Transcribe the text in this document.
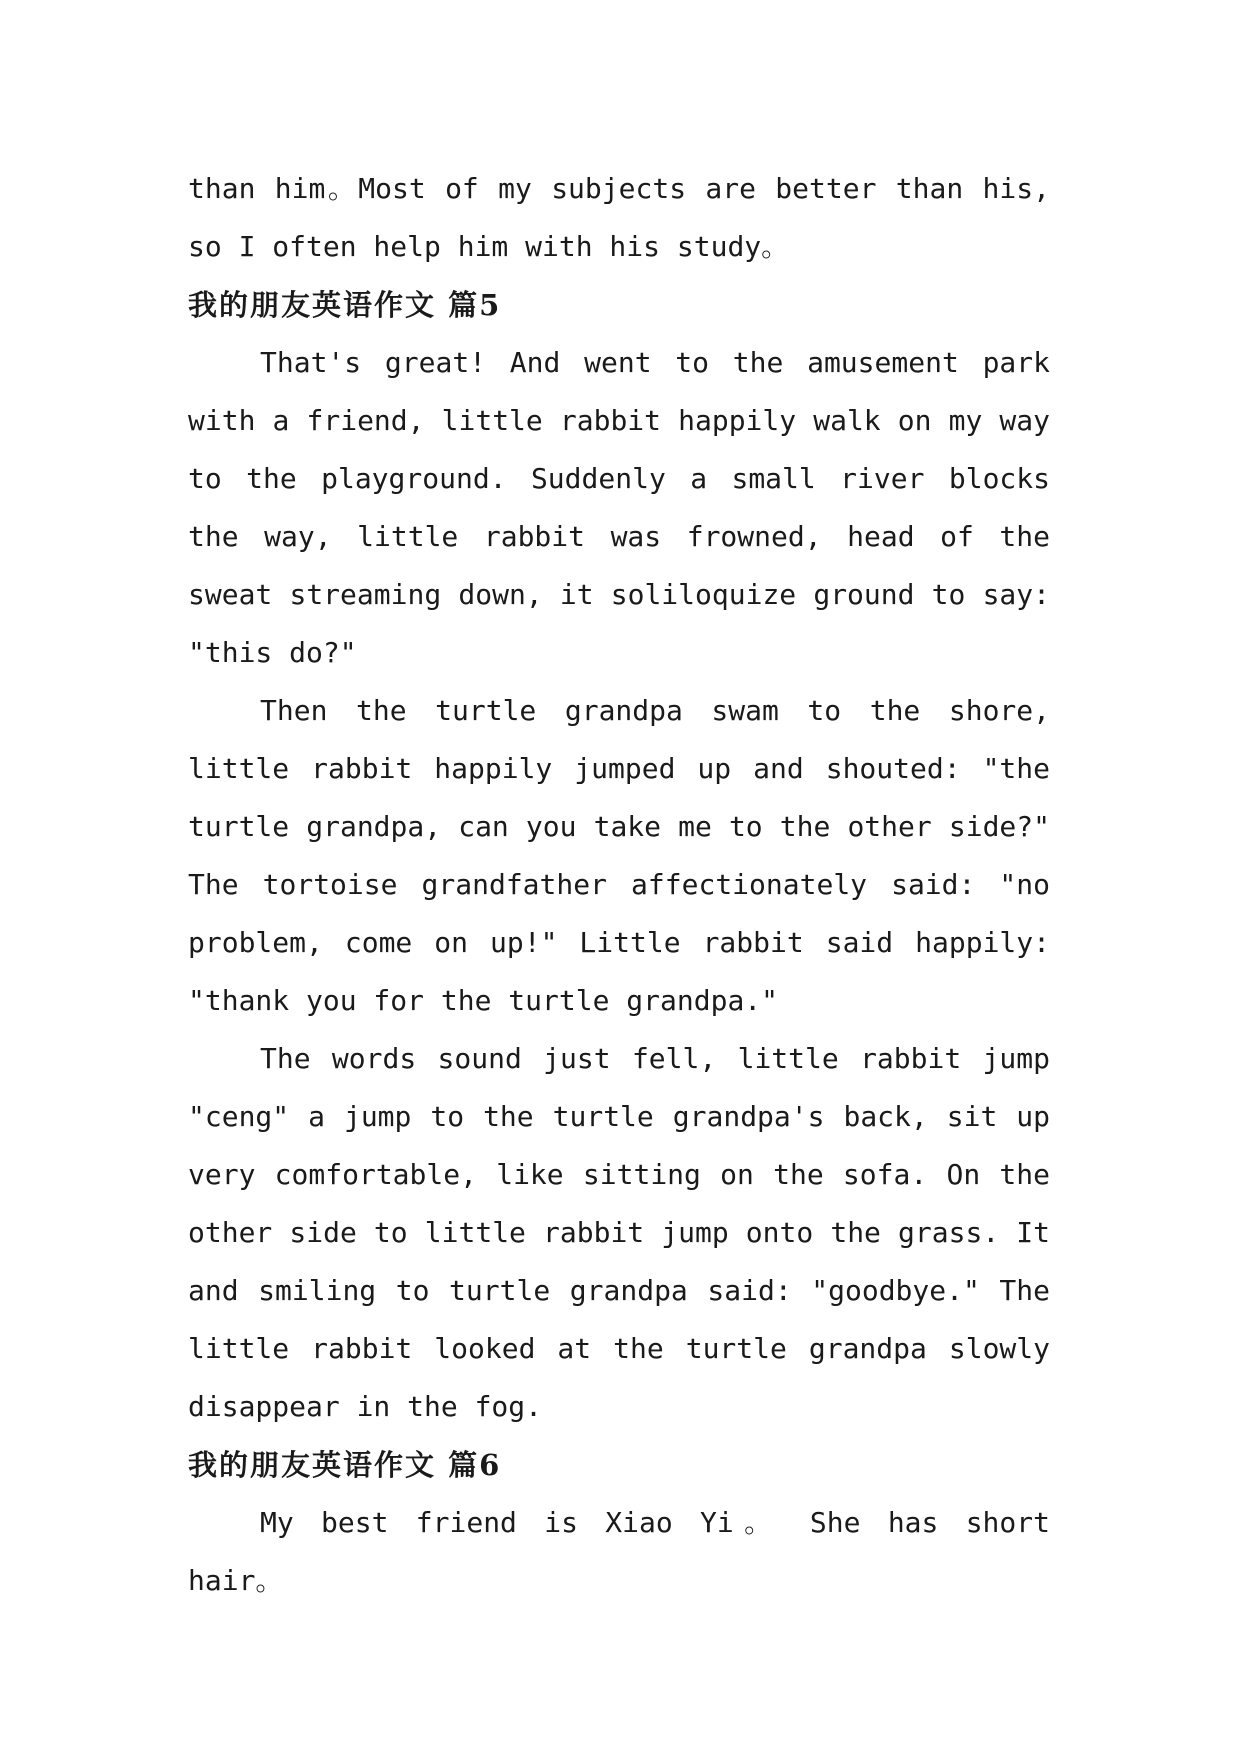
than him。Most of my subjects are better than his, so I often help him with his study。

我的朋友英语作文 篇5

That's great! And went to the amusement park with a friend, little rabbit happily walk on my way to the playground. Suddenly a small river blocks the way, little rabbit was frowned, head of the sweat streaming down, it soliloquize ground to say: "this do?"

Then the turtle grandpa swam to the shore, little rabbit happily jumped up and shouted: "the turtle grandpa, can you take me to the other side?" The tortoise grandfather affectionately said: "no problem, come on up!" Little rabbit said happily: "thank you for the turtle grandpa."

The words sound just fell, little rabbit jump "ceng" a jump to the turtle grandpa's back, sit up very comfortable, like sitting on the sofa. On the other side to little rabbit jump onto the grass. It and smiling to turtle grandpa said: "goodbye." The little rabbit looked at the turtle grandpa slowly disappear in the fog.

我的朋友英语作文 篇6

My best friend is Xiao Yi。 She has short hair。
